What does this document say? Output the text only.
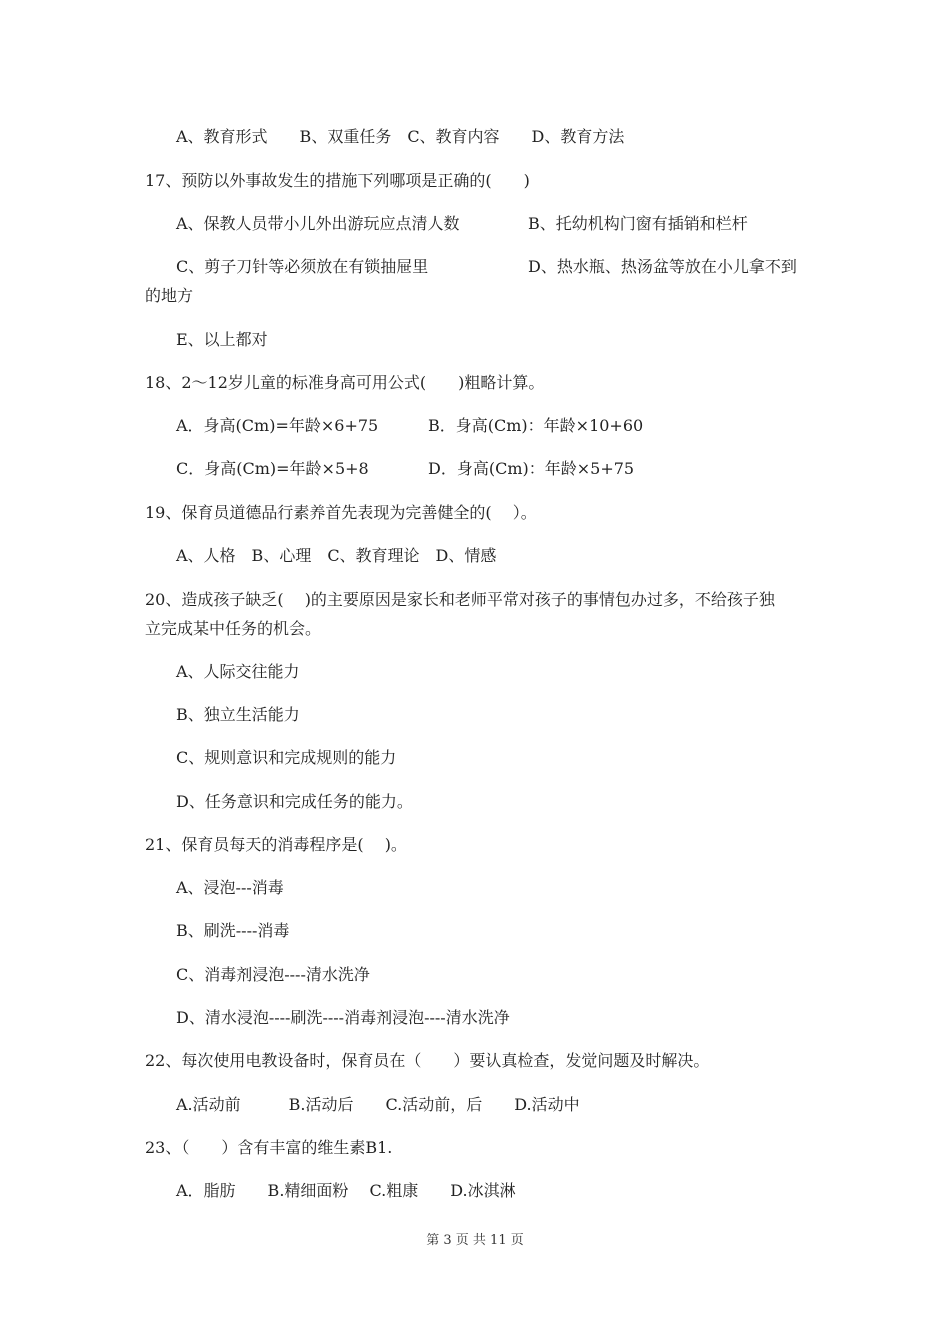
A、教育形式　　B、双重任务　C、教育内容　　D、教育方法
17、预防以外事故发生的措施下列哪项是正确的(　　)
A、保教人员带小儿外出游玩应点清人数	B、托幼机构门窗有插销和栏杆
C、剪子刀针等必须放在有锁抽屉里	D、热水瓶、热汤盆等放在小儿拿不到
的地方
E、以上都对
18、2～12岁儿童的标准身高可用公式(　　)粗略计算。
A．身高(Cm)=年龄×6+75	B．身高(Cm)：年龄×10+60
C．身高(Cm)=年龄×5+8	D．身高(Cm)：年龄×5+75
19、保育员道德品行素养首先表现为完善健全的(　 ）。
A、人格　B、心理　C、教育理论　D、情感
20、造成孩子缺乏(　 )的主要原因是家长和老师平常对孩子的事情包办过多，不给孩子独
立完成某中任务的机会。
A、人际交往能力
B、独立生活能力
C、规则意识和完成规则的能力
D、任务意识和完成任务的能力。
21、保育员每天的消毒程序是(　 )。
A、浸泡---消毒
B、刷洗----消毒
C、消毒剂浸泡----清水洗净
D、清水浸泡----刷洗----消毒剂浸泡----清水洗净
22、每次使用电教设备时，保育员在（　　）要认真检查，发觉问题及时解决。
A.活动前　　　B.活动后　　C.活动前，后　　D.活动中
23、（　　）含有丰富的维生素B1.
A．脂肪　　B.精细面粉　 C.粗康　　D.冰淇淋
第 3 页 共 11 页
